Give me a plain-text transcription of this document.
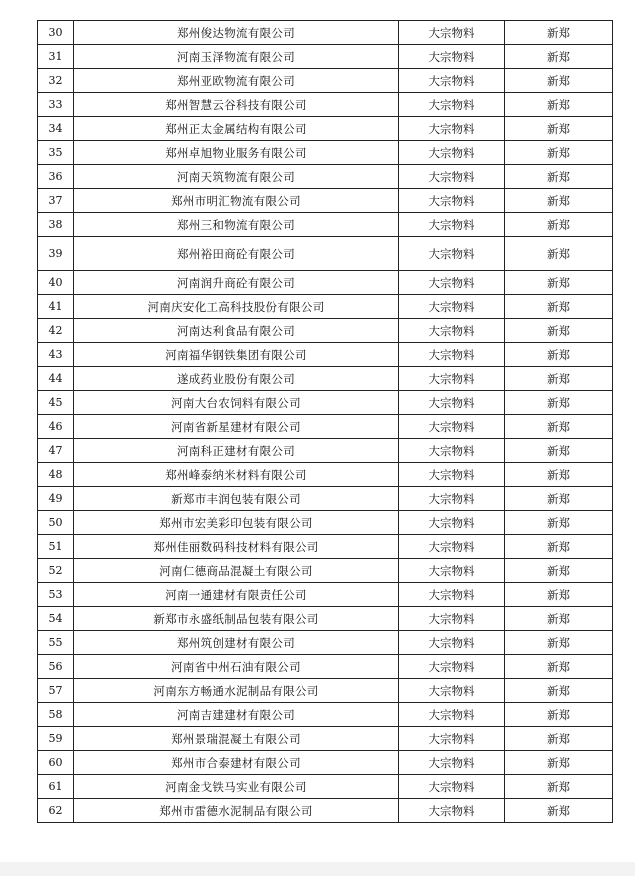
30	郑州俊达物流有限公司	大宗物料	新郑
31	河南玉泽物流有限公司	大宗物料	新郑
32	郑州亚欧物流有限公司	大宗物料	新郑
33	郑州智慧云谷科技有限公司	大宗物料	新郑
34	郑州正太金属结构有限公司	大宗物料	新郑
35	郑州卓旭物业服务有限公司	大宗物料	新郑
36	河南天筑物流有限公司	大宗物料	新郑
37	郑州市明汇物流有限公司	大宗物料	新郑
38	郑州三和物流有限公司	大宗物料	新郑
39	郑州裕田商砼有限公司	大宗物料	新郑
40	河南润升商砼有限公司	大宗物料	新郑
41	河南庆安化工高科技股份有限公司	大宗物料	新郑
42	河南达利食品有限公司	大宗物料	新郑
43	河南福华钢铁集团有限公司	大宗物料	新郑
44	遂成药业股份有限公司	大宗物料	新郑
45	河南大台农饲料有限公司	大宗物料	新郑
46	河南省新星建材有限公司	大宗物料	新郑
47	河南科正建材有限公司	大宗物料	新郑
48	郑州峰泰纳米材料有限公司	大宗物料	新郑
49	新郑市丰润包装有限公司	大宗物料	新郑
50	郑州市宏美彩印包装有限公司	大宗物料	新郑
51	郑州佳丽数码科技材料有限公司	大宗物料	新郑
52	河南仁德商品混凝土有限公司	大宗物料	新郑
53	河南一通建材有限责任公司	大宗物料	新郑
54	新郑市永盛纸制品包装有限公司	大宗物料	新郑
55	郑州筑创建材有限公司	大宗物料	新郑
56	河南省中州石油有限公司	大宗物料	新郑
57	河南东方畅通水泥制品有限公司	大宗物料	新郑
58	河南吉建建材有限公司	大宗物料	新郑
59	郑州景瑞混凝土有限公司	大宗物料	新郑
60	郑州市合泰建材有限公司	大宗物料	新郑
61	河南金戈铁马实业有限公司	大宗物料	新郑
62	郑州市雷德水泥制品有限公司	大宗物料	新郑
